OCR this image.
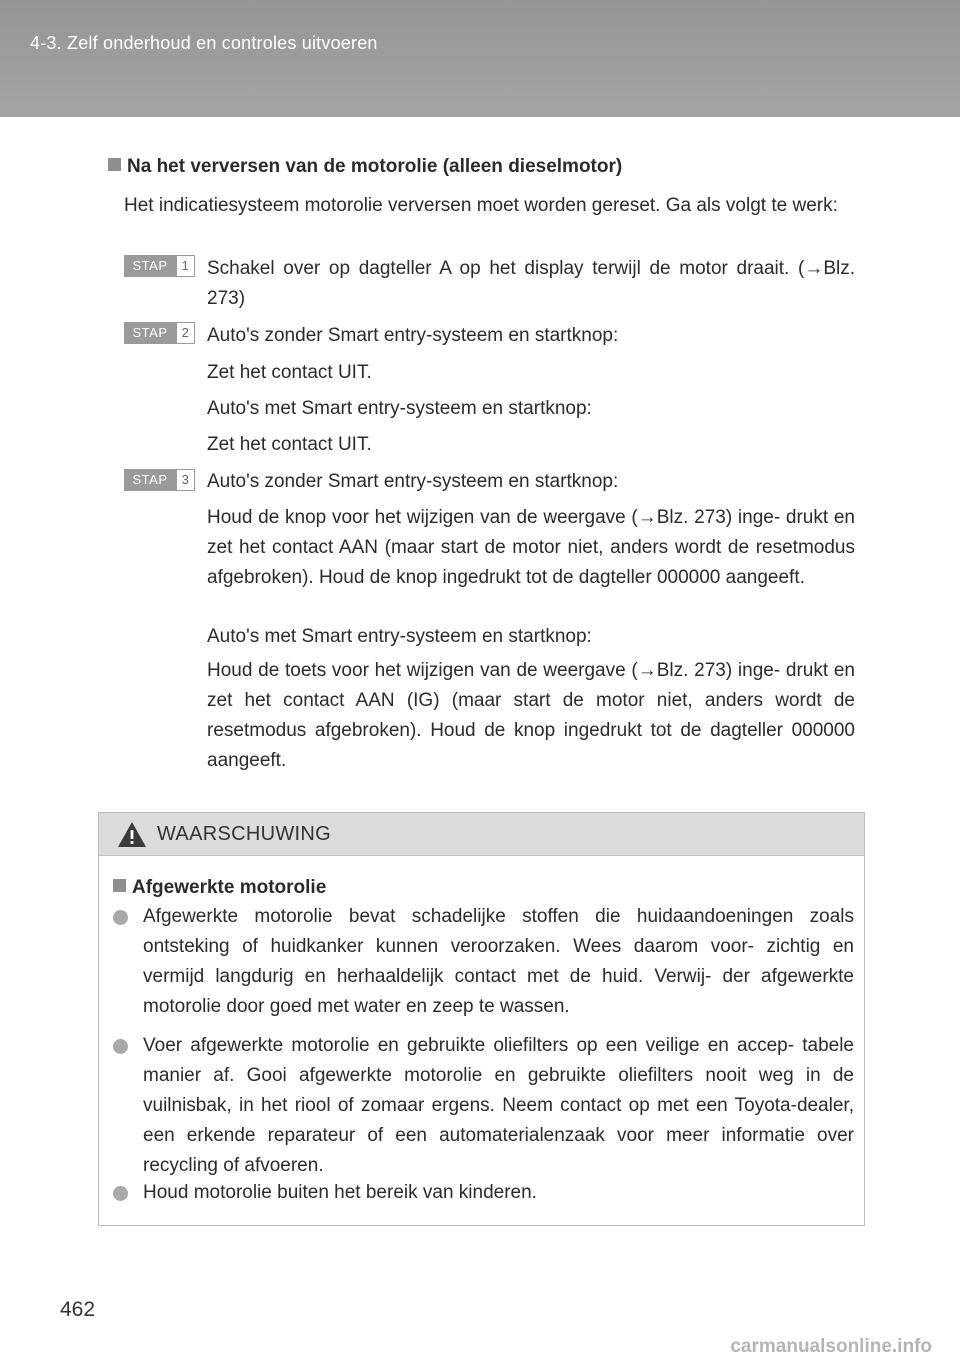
4-3. Zelf onderhoud en controles uitvoeren
Na het verversen van de motorolie (alleen dieselmotor)
Het indicatiesysteem motorolie verversen moet worden gereset. Ga als volgt te werk:
STAP	1 Schakel over op dagteller A op het display terwijl de motor draait. (→Blz. 273)
STAP	2 Auto's zonder Smart entry-systeem en startknop:
Zet het contact UIT.
Auto's met Smart entry-systeem en startknop:
Zet het contact UIT.
STAP	3 Auto's zonder Smart entry-systeem en startknop:
Houd de knop voor het wijzigen van de weergave (→Blz. 273) inge- drukt en zet het contact AAN (maar start de motor niet, anders wordt de resetmodus afgebroken). Houd de knop ingedrukt tot de dagteller 000000 aangeeft.
Auto's met Smart entry-systeem en startknop:
Houd de toets voor het wijzigen van de weergave (→Blz. 273) inge- drukt en zet het contact AAN (IG) (maar start de motor niet, anders wordt de resetmodus afgebroken). Houd de knop ingedrukt tot de dagteller 000000 aangeeft.
WAARSCHUWING
Afgewerkte motorolie
Afgewerkte motorolie bevat schadelijke stoffen die huidaandoeningen zoals ontsteking of huidkanker kunnen veroorzaken. Wees daarom voor- zichtig en vermijd langdurig en herhaaldelijk contact met de huid. Verwij- der afgewerkte motorolie door goed met water en zeep te wassen.
Voer afgewerkte motorolie en gebruikte oliefilters op een veilige en accep- tabele manier af. Gooi afgewerkte motorolie en gebruikte oliefilters nooit weg in de vuilnisbak, in het riool of zomaar ergens. Neem contact op met een Toyota-dealer, een erkende reparateur of een automaterialenzaak voor meer informatie over recycling of afvoeren.
Houd motorolie buiten het bereik van kinderen.
462
carmanualsonline.info
